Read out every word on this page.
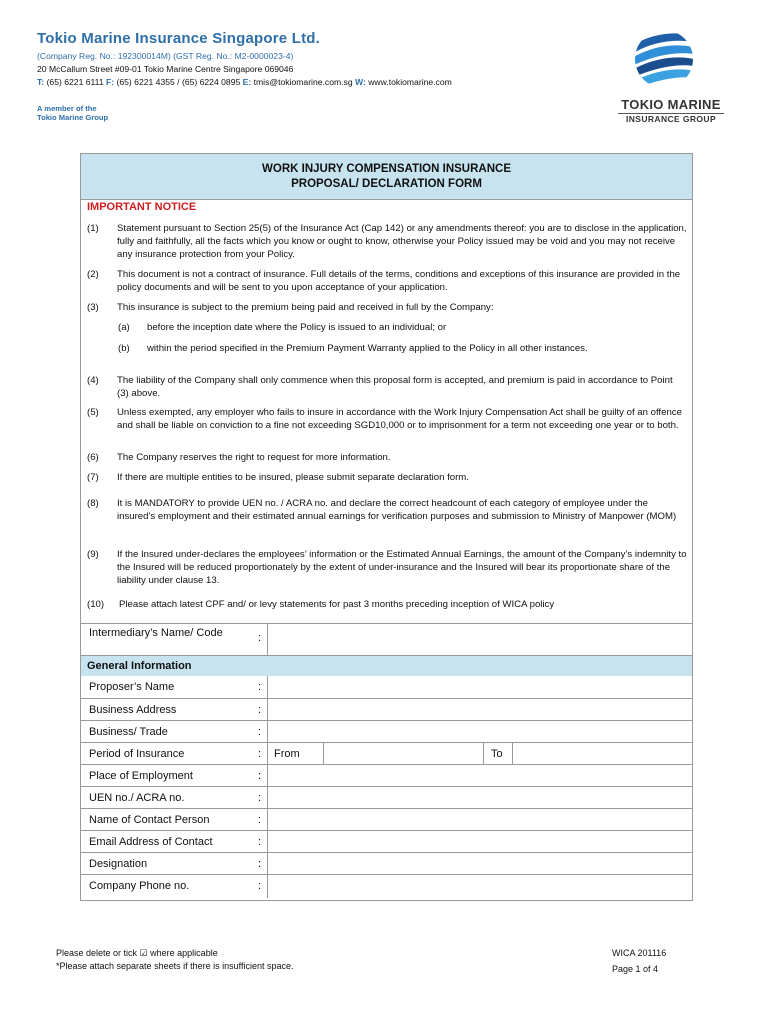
Tokio Marine Insurance Singapore Ltd.
(Company Reg. No.: 192300014M) (GST Reg. No.: M2-0000023-4)
20 McCallum Street #09-01 Tokio Marine Centre Singapore 069046
T: (65) 6221 6111 F: (65) 6221 4355 / (65) 6224 0895 E: tmis@tokiomarine.com.sg W: www.tokiomarine.com
A member of the
Tokio Marine Group
TOKIO MARINE
INSURANCE GROUP
WORK INJURY COMPENSATION INSURANCE
PROPOSAL/ DECLARATION FORM
IMPORTANT NOTICE
(1) Statement pursuant to Section 25(5) of the Insurance Act (Cap 142) or any amendments thereof: you are to disclose in the application, fully and faithfully, all the facts which you know or ought to know, otherwise your Policy issued may be void and you may not receive any insurance protection from your Policy.
(2) This document is not a contract of insurance. Full details of the terms, conditions and exceptions of this insurance are provided in the policy documents and will be sent to you upon acceptance of your application.
(3) This insurance is subject to the premium being paid and received in full by the Company:
(a) before the inception date where the Policy is issued to an individual; or
(b) within the period specified in the Premium Payment Warranty applied to the Policy in all other instances.
(4) The liability of the Company shall only commence when this proposal form is accepted, and premium is paid in accordance to Point (3) above.
(5) Unless exempted, any employer who fails to insure in accordance with the Work Injury Compensation Act shall be guilty of an offence and shall be liable on conviction to a fine not exceeding SGD10,000 or to imprisonment for a term not exceeding one year or to both.
(6) The Company reserves the right to request for more information.
(7) If there are multiple entities to be insured, please submit separate declaration form.
(8) It is MANDATORY to provide UEN no. / ACRA no. and declare the correct headcount of each category of employee under the insured’s employment and their estimated annual earnings for verification purposes and submission to Ministry of Manpower (MOM)
(9) If the Insured under-declares the employees’ information or the Estimated Annual Earnings, the amount of the Company’s indemnity to the Insured will be reduced proportionately by the extent of under-insurance and the Insured will bear its proportionate share of the liability under clause 13.
(10) Please attach latest CPF and/ or levy statements for past 3 months preceding inception of WICA policy
Intermediary’s Name/ Code	:
General Information
Proposer’s Name	:
Business Address	:
Business/ Trade	:
Period of Insurance	: From	To
Place of Employment	:
UEN no./ ACRA no.	:
Name of Contact Person	:
Email Address of Contact	:
Designation	:
Company Phone no.	:
Please delete or tick ☑ where applicable
*Please attach separate sheets if there is insufficient space.
WICA 201116
Page 1 of 4
